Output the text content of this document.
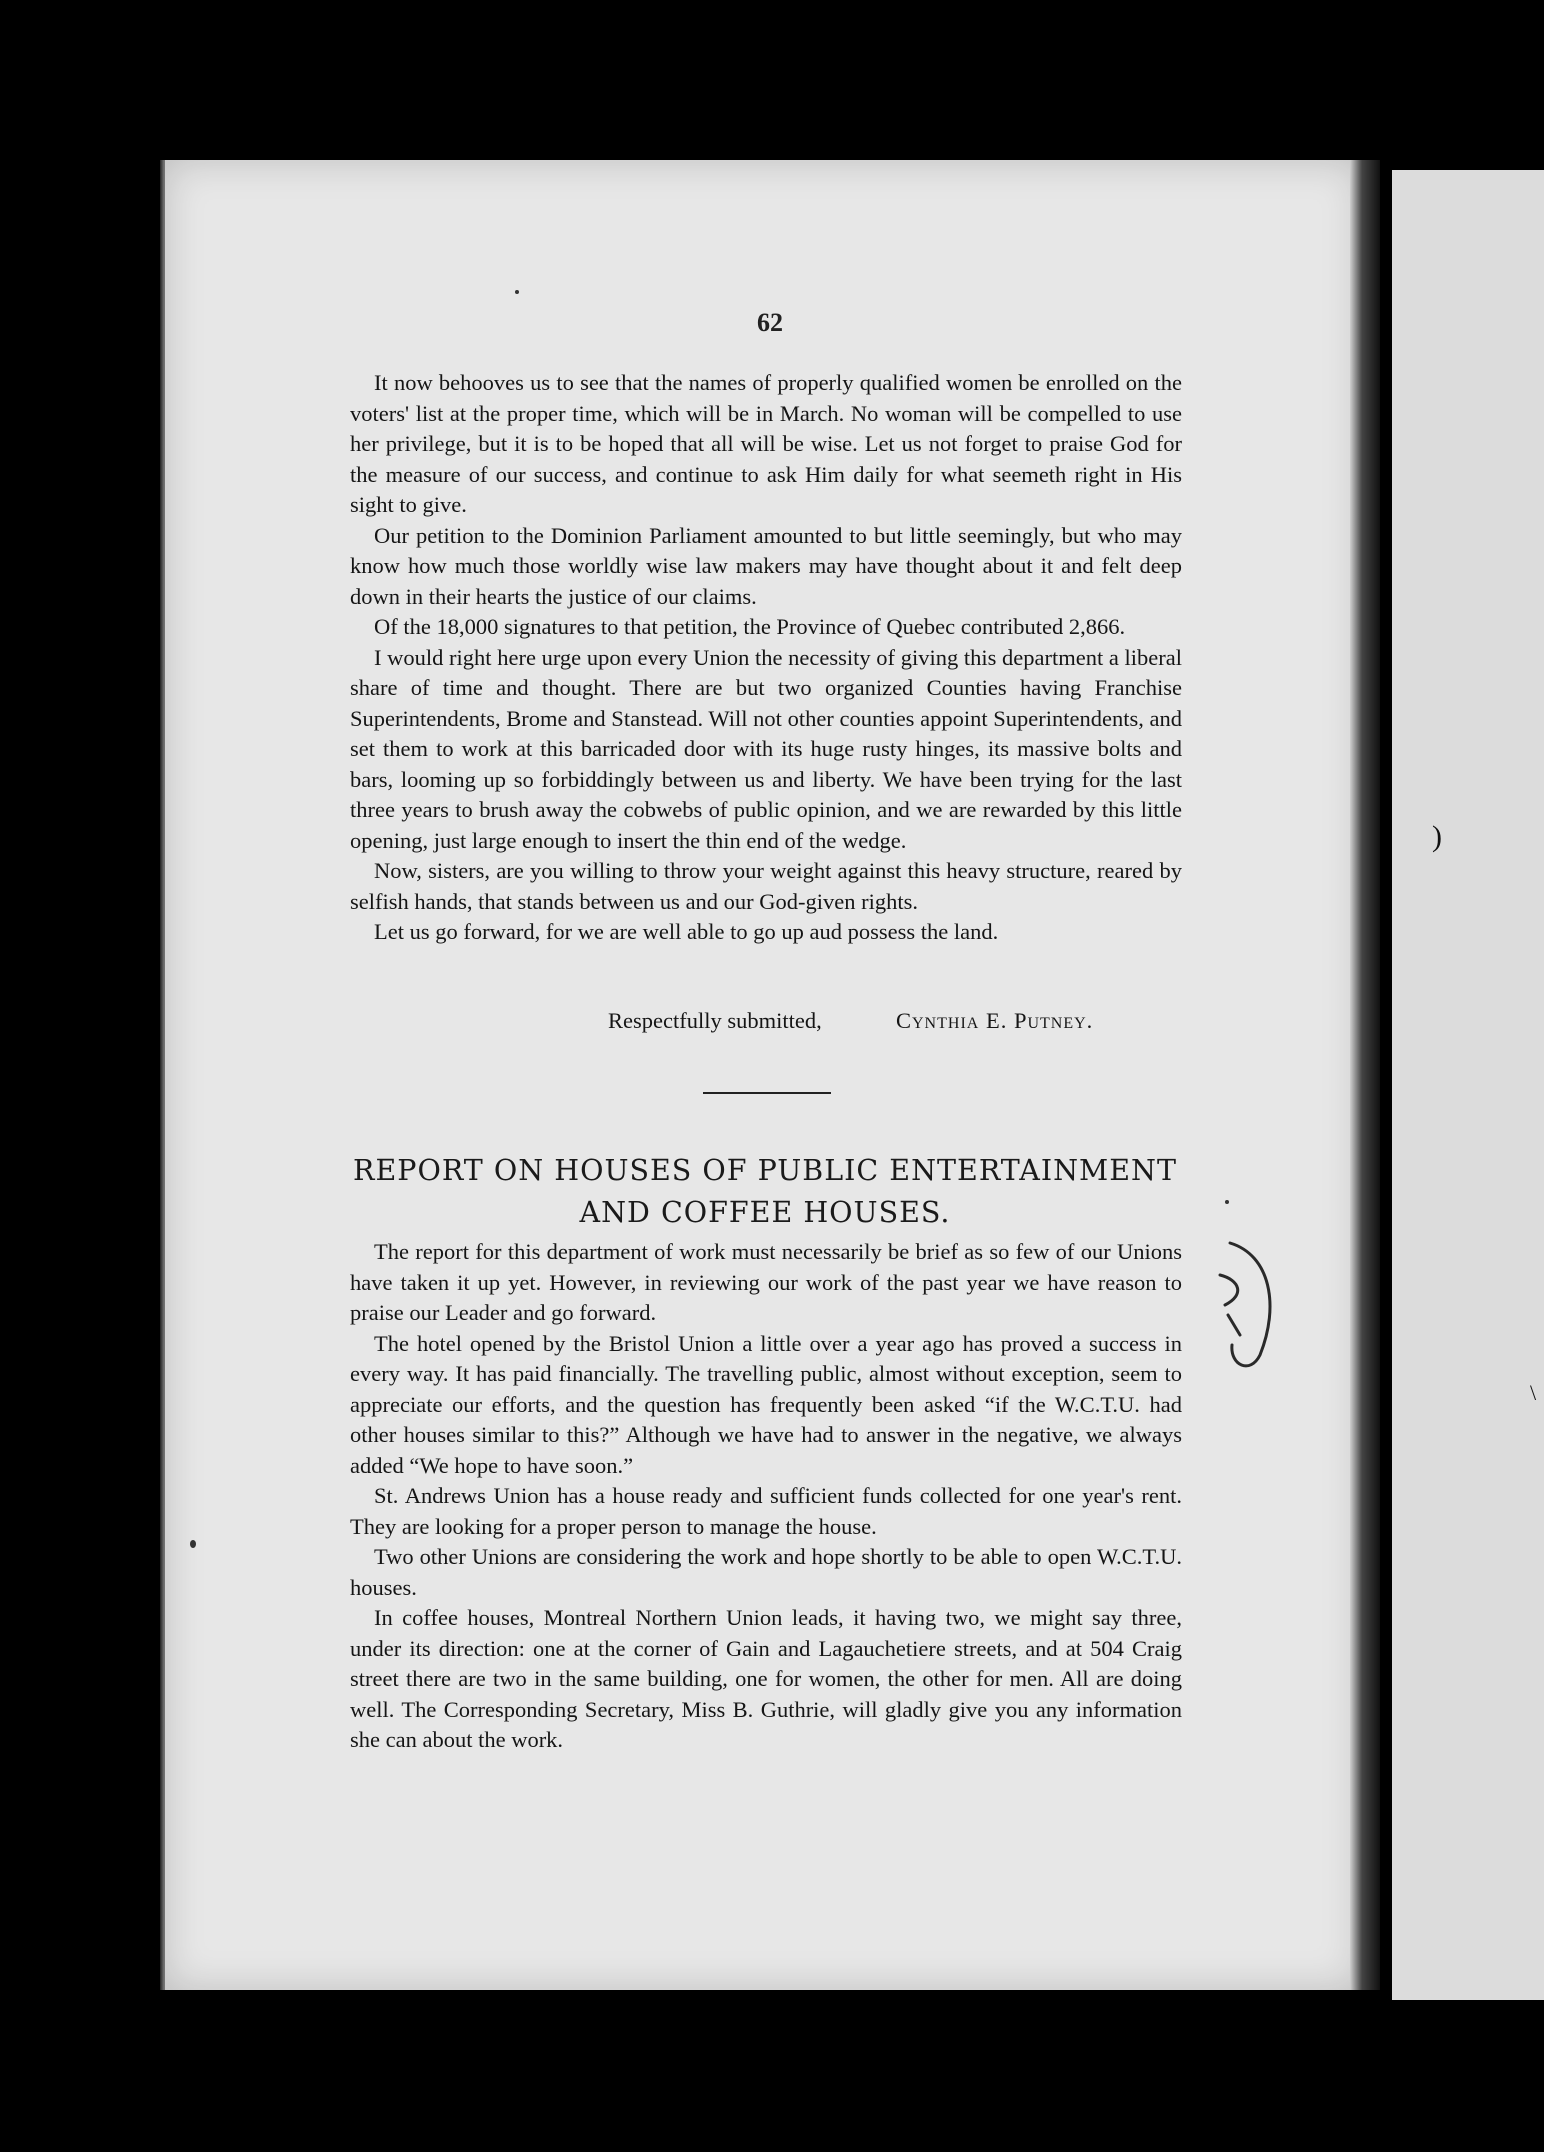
)
\
62

It now behooves us to see that the names of properly qualified women be enrolled on the voters' list at the proper time, which will be in March. No woman will be compelled to use her privilege, but it is to be hoped that all will be wise. Let us not forget to praise God for the measure of our success, and continue to ask Him daily for what seemeth right in His sight to give.

Our petition to the Dominion Parliament amounted to but little seemingly, but who may know how much those worldly wise law makers may have thought about it and felt deep down in their hearts the justice of our claims.

Of the 18,000 signatures to that petition, the Province of Quebec contributed 2,866.

I would right here urge upon every Union the necessity of giving this department a liberal share of time and thought. There are but two organized Counties having Franchise Superintendents, Brome and Stanstead. Will not other counties appoint Superintendents, and set them to work at this barricaded door with its huge rusty hinges, its massive bolts and bars, looming up so forbiddingly between us and liberty. We have been trying for the last three years to brush away the cobwebs of public opinion, and we are rewarded by this little opening, just large enough to insert the thin end of the wedge.

Now, sisters, are you willing to throw your weight against this heavy structure, reared by selfish hands, that stands between us and our God-given rights.

Let us go forward, for we are well able to go up aud possess the land.

Respectfully submitted,	Cynthia E. Putney.
REPORT ON HOUSES OF PUBLIC ENTERTAINMENT
AND COFFEE HOUSES.

The report for this department of work must necessarily be brief as so few of our Unions have taken it up yet. However, in reviewing our work of the past year we have reason to praise our Leader and go forward.

The hotel opened by the Bristol Union a little over a year ago has proved a success in every way. It has paid financially. The travelling public, almost without exception, seem to appreciate our efforts, and the question has frequently been asked “if the W.C.T.U. had other houses similar to this?” Although we have had to answer in the negative, we always added “We hope to have soon.”

St. Andrews Union has a house ready and sufficient funds collected for one year's rent. They are looking for a proper person to manage the house.

Two other Unions are considering the work and hope shortly to be able to open W.C.T.U. houses.

In coffee houses, Montreal Northern Union leads, it having two, we might say three, under its direction: one at the corner of Gain and Lagauchetiere streets, and at 504 Craig street there are two in the same building, one for women, the other for men. All are doing well. The Corresponding Secretary, Miss B. Guthrie, will gladly give you any information she can about the work.
